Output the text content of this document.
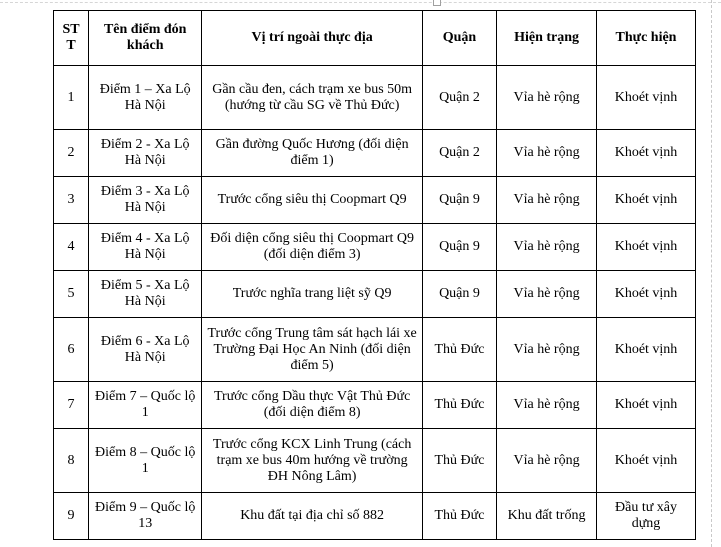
ST T	Tên điểm đón khách	Vị trí ngoài thực địa	Quận	Hiện trạng	Thực hiện
1	Điểm 1 – Xa Lộ Hà Nội	Gần cầu đen, cách trạm xe bus 50m (hướng từ cầu SG về Thủ Đức)	Quận 2	Vỉa hè rộng	Khoét vịnh
2	Điểm 2 - Xa Lộ Hà Nội	Gần đường Quốc Hương (đối diện điểm 1)	Quận 2	Vỉa hè rộng	Khoét vịnh
3	Điểm 3 - Xa Lộ Hà Nội	Trước cổng siêu thị Coopmart Q9	Quận 9	Vỉa hè rộng	Khoét vịnh
4	Điểm 4 - Xa Lộ Hà Nội	Đối diện cổng siêu thị Coopmart Q9 (đối diện điểm 3)	Quận 9	Vỉa hè rộng	Khoét vịnh
5	Điểm 5 - Xa Lộ Hà Nội	Trước nghĩa trang liệt sỹ Q9	Quận 9	Vỉa hè rộng	Khoét vịnh
6	Điểm 6 - Xa Lộ Hà Nội	Trước cổng Trung tâm sát hạch lái xe Trường Đại Học An Ninh (đối diện điểm 5)	Thủ Đức	Vỉa hè rộng	Khoét vịnh
7	Điểm 7 – Quốc lộ 1	Trước cổng Dầu thực Vật Thủ Đức (đối diện điểm 8)	Thủ Đức	Vỉa hè rộng	Khoét vịnh
8	Điểm 8 – Quốc lộ 1	Trước cổng KCX Linh Trung (cách trạm xe bus 40m hướng về trường ĐH Nông Lâm)	Thủ Đức	Vỉa hè rộng	Khoét vịnh
9	Điểm 9 – Quốc lộ 13	Khu đất tại địa chỉ số 882	Thủ Đức	Khu đất trống	Đầu tư xây dựng
